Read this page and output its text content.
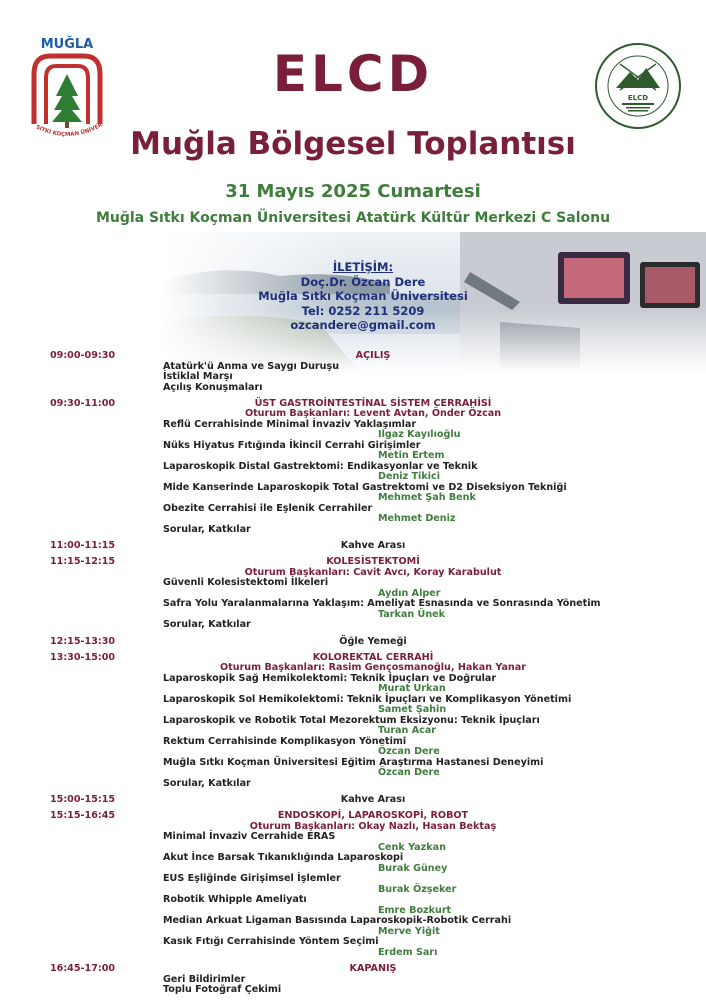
MUĞLA
SITKI KOÇMAN ÜNİVER
ELCD
ELCD
Muğla Bölgesel Toplantısı
31 Mayıs 2025 Cumartesi
Muğla Sıtkı Koçman Üniversitesi Atatürk Kültür Merkezi C Salonu
İLETİŞİM:
Doç.Dr. Özcan Dere
Muğla Sıtkı Koçman Üniversitesi
Tel: 0252 211 5209
ozcandere@gmail.com
09:00-09:30	AÇILIŞ
Atatürk'ü Anma ve Saygı Duruşu
İstiklal Marşı
Açılış Konuşmaları
09:30-11:00	ÜST GASTROİNTESTİNAL SİSTEM CERRAHİSİ
Oturum Başkanları: Levent Avtan, Önder Özcan
Reflü Cerrahisinde Minimal İnvaziv Yaklaşımlar
Ilgaz Kayılıoğlu
Nüks Hiyatus Fıtığında İkincil Cerrahi Girişimler
Metin Ertem
Laparoskopik Distal Gastrektomi: Endikasyonlar ve Teknik
Deniz Tikici
Mide Kanserinde Laparoskopik Total Gastrektomi ve D2 Diseksiyon Tekniği
Mehmet Şah Benk
Obezite Cerrahisi ile Eşlenik Cerrahiler
Mehmet Deniz
Sorular, Katkılar
11:00-11:15	Kahve Arası
11:15-12:15	KOLESİSTEKTOMİ
Oturum Başkanları: Cavit Avcı, Koray Karabulut
Güvenli Kolesistektomi İlkeleri
Aydın Alper
Safra Yolu Yaralanmalarına Yaklaşım: Ameliyat Esnasında ve Sonrasında Yönetim
Tarkan Ünek
Sorular, Katkılar
12:15-13:30	Öğle Yemeği
13:30-15:00	KOLOREKTAL CERRAHİ
Oturum Başkanları: Rasim Gençosmanoğlu, Hakan Yanar
Laparoskopik Sağ Hemikolektomi: Teknik İpuçları ve Doğrular
Murat Urkan
Laparoskopik Sol Hemikolektomi: Teknik İpuçları ve Komplikasyon Yönetimi
Samet Şahin
Laparoskopik ve Robotik Total Mezorektum Eksizyonu: Teknik İpuçları
Turan Acar
Rektum Cerrahisinde Komplikasyon Yönetimi
Özcan Dere
Muğla Sıtkı Koçman Üniversitesi Eğitim Araştırma Hastanesi Deneyimi
Özcan Dere
Sorular, Katkılar
15:00-15:15	Kahve Arası
15:15-16:45	ENDOSKOPİ, LAPAROSKOPİ, ROBOT
Oturum Başkanları: Okay Nazlı, Hasan Bektaş
Minimal İnvaziv Cerrahide ERAS
Cenk Yazkan
Akut İnce Barsak Tıkanıklığında Laparoskopi
Burak Güney
EUS Eşliğinde Girişimsel İşlemler
Burak Özşeker
Robotik Whipple Ameliyatı
Emre Bozkurt
Median Arkuat Ligaman Basısında Laparoskopik-Robotik Cerrahi
Merve Yiğit
Kasık Fıtığı Cerrahisinde Yöntem Seçimi
Erdem Sarı
16:45-17:00	KAPANIŞ
Geri Bildirimler
Toplu Fotoğraf Çekimi
